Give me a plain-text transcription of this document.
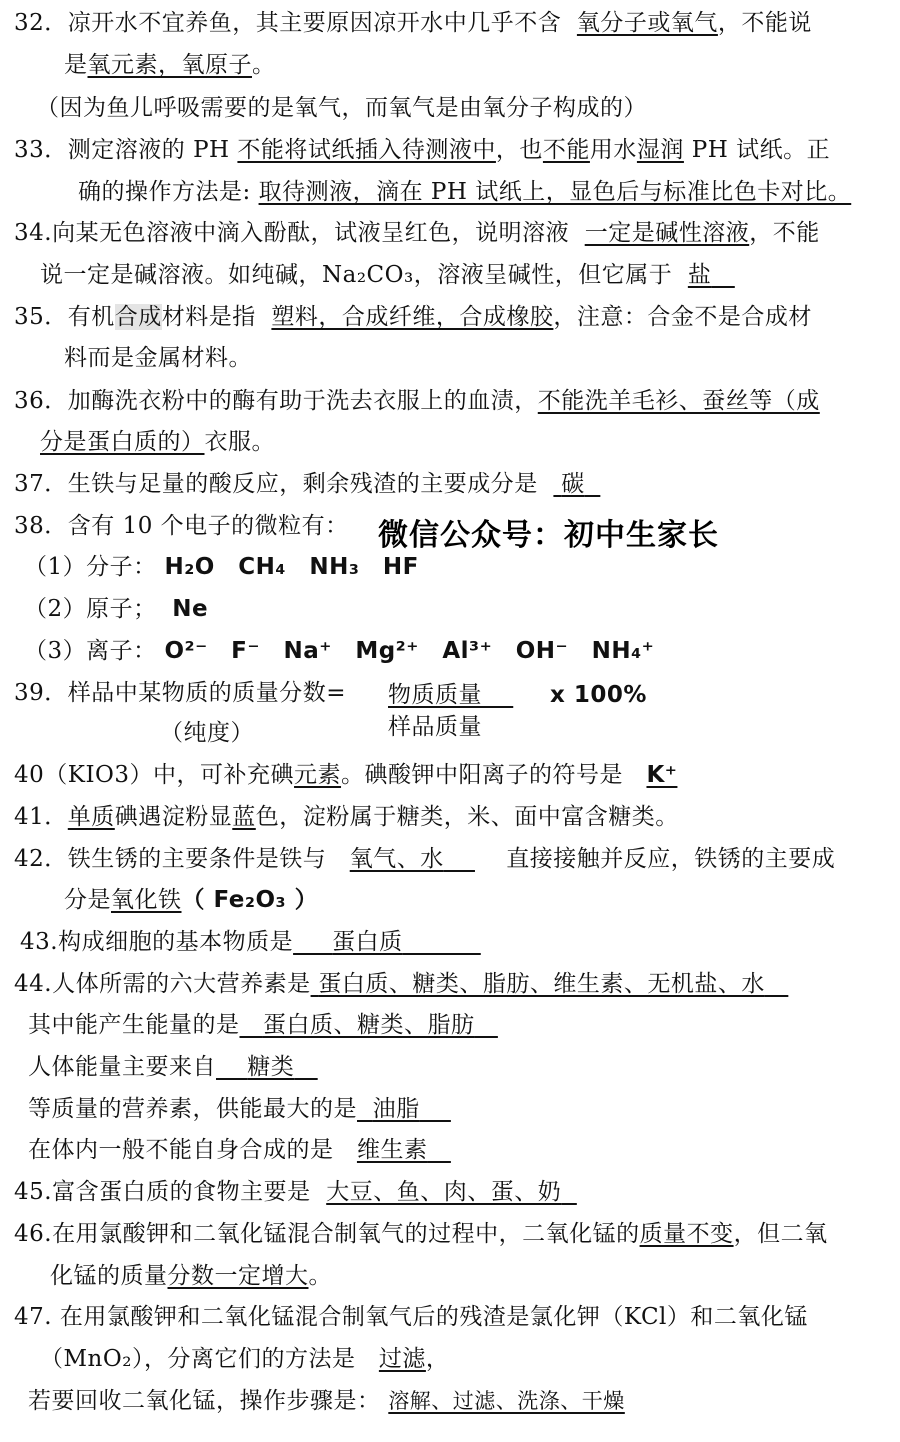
32．凉开水不宜养鱼，其主要原因凉开水中几乎不含 氧分子或氧气，不能说
是氧元素，氧原子。
（因为鱼儿呼吸需要的是氧气，而氧气是由氧分子构成的）
33．测定溶液的 PH 不能将试纸插入待测液中，也不能用水湿润 PH 试纸。正
确的操作方法是: 取待测液，滴在 PH 试纸上，显色后与标准比色卡对比。
34.向某无色溶液中滴入酚酞，试液呈红色，说明溶液 一定是碱性溶液，不能
说一定是碱溶液。如纯碱，Na₂CO₃，溶液呈碱性，但它属于 盐
35．有机合成材料是指 塑料，合成纤维，合成橡胶，注意：合金不是合成材
料而是金属材料。
36．加酶洗衣粉中的酶有助于洗去衣服上的血渍，不能洗羊毛衫、蚕丝等（成
分是蛋白质的）衣服。
37．生铁与足量的酸反应，剩余残渣的主要成分是 碳
38．含有 10 个电子的微粒有： 微信公众号：初中生家长
（1）分子： H₂O CH₄ NH₃ HF
（2）原子； Ne
（3）离子： O²⁻ F⁻ Na⁺ Mg²⁺ Al³⁺ OH⁻ NH₄⁺
39．样品中某物质的质量分数= 物质质量	x 100%
样品质量
（纯度）
40（KIO3）中，可补充碘元素。碘酸钾中阳离子的符号是 K⁺
41．单质碘遇淀粉显蓝色，淀粉属于糖类，米、面中富含糖类。
42．铁生锈的主要条件是铁与 氧气、水	直接接触并反应，铁锈的主要成
分是氧化铁（ Fe₂O₃ ）
43.构成细胞的基本物质是 蛋白质
44.人体所需的六大营养素是 蛋白质、糖类、脂肪、维生素、无机盐、水
其中能产生能量的是 蛋白质、糖类、脂肪
人体能量主要来自 糖类
等质量的营养素，供能最大的是 油脂
在体内一般不能自身合成的是 维生素
45.富含蛋白质的食物主要是 大豆、鱼、肉、蛋、奶
46.在用氯酸钾和二氧化锰混合制氧气的过程中，二氧化锰的质量不变，但二氧
化锰的质量分数一定增大。
47. 在用氯酸钾和二氧化锰混合制氧气后的残渣是氯化钾（KCl）和二氧化锰
（MnO₂），分离它们的方法是 过滤，
若要回收二氧化锰，操作步骤是： 溶解、过滤、洗涤、干燥
